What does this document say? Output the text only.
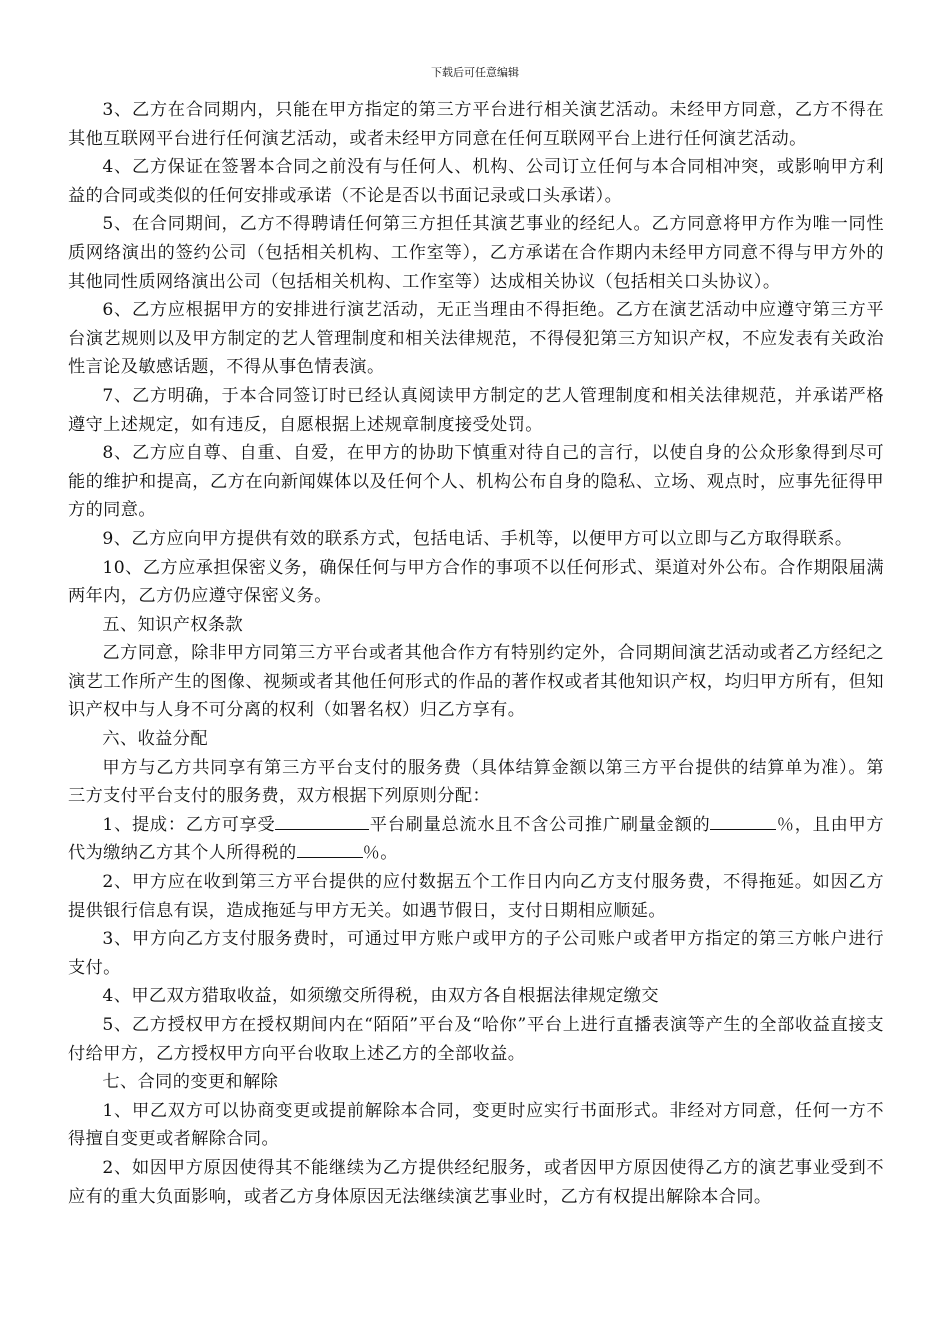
下载后可任意编辑

3、乙方在合同期内，只能在甲方指定的第三方平台进行相关演艺活动。未经甲方同意，乙方不得在其他互联网平台进行任何演艺活动，或者未经甲方同意在任何互联网平台上进行任何演艺活动。

4、乙方保证在签署本合同之前没有与任何人、机构、公司订立任何与本合同相冲突，或影响甲方利益的合同或类似的任何安排或承诺（不论是否以书面记录或口头承诺）。

5、在合同期间，乙方不得聘请任何第三方担任其演艺事业的经纪人。乙方同意将甲方作为唯一同性质网络演出的签约公司（包括相关机构、工作室等），乙方承诺在合作期内未经甲方同意不得与甲方外的其他同性质网络演出公司（包括相关机构、工作室等）达成相关协议（包括相关口头协议）。

6、乙方应根据甲方的安排进行演艺活动，无正当理由不得拒绝。乙方在演艺活动中应遵守第三方平台演艺规则以及甲方制定的艺人管理制度和相关法律规范，不得侵犯第三方知识产权，不应发表有关政治性言论及敏感话题，不得从事色情表演。

7、乙方明确，于本合同签订时已经认真阅读甲方制定的艺人管理制度和相关法律规范，并承诺严格遵守上述规定，如有违反，自愿根据上述规章制度接受处罚。

8、乙方应自尊、自重、自爱，在甲方的协助下慎重对待自己的言行，以使自身的公众形象得到尽可能的维护和提高，乙方在向新闻媒体以及任何个人、机构公布自身的隐私、立场、观点时，应事先征得甲方的同意。

9、乙方应向甲方提供有效的联系方式，包括电话、手机等，以便甲方可以立即与乙方取得联系。

10、乙方应承担保密义务，确保任何与甲方合作的事项不以任何形式、渠道对外公布。合作期限届满两年内，乙方仍应遵守保密义务。

五、知识产权条款

乙方同意，除非甲方同第三方平台或者其他合作方有特别约定外，合同期间演艺活动或者乙方经纪之演艺工作所产生的图像、视频或者其他任何形式的作品的著作权或者其他知识产权，均归甲方所有，但知识产权中与人身不可分离的权利（如署名权）归乙方享有。

六、收益分配

甲方与乙方共同享有第三方平台支付的服务费（具体结算金额以第三方平台提供的结算单为准）。第三方支付平台支付的服务费，双方根据下列原则分配：

1、提成：乙方可享受	平台刷量总流水且不含公司推广刷量金额的	％，且由甲方代为缴纳乙方其个人所得税的	％。

2、甲方应在收到第三方平台提供的应付数据五个工作日内向乙方支付服务费，不得拖延。如因乙方提供银行信息有误，造成拖延与甲方无关。如遇节假日，支付日期相应顺延。

3、甲方向乙方支付服务费时，可通过甲方账户或甲方的子公司账户或者甲方指定的第三方帐户进行支付。

4、甲乙双方猎取收益，如须缴交所得税，由双方各自根据法律规定缴交

5、乙方授权甲方在授权期间内在“陌陌”平台及“哈你”平台上进行直播表演等产生的全部收益直接支付给甲方，乙方授权甲方向平台收取上述乙方的全部收益。

七、合同的变更和解除

1、甲乙双方可以协商变更或提前解除本合同，变更时应实行书面形式。非经对方同意，任何一方不得擅自变更或者解除合同。

2、如因甲方原因使得其不能继续为乙方提供经纪服务，或者因甲方原因使得乙方的演艺事业受到不应有的重大负面影响，或者乙方身体原因无法继续演艺事业时，乙方有权提出解除本合同。
